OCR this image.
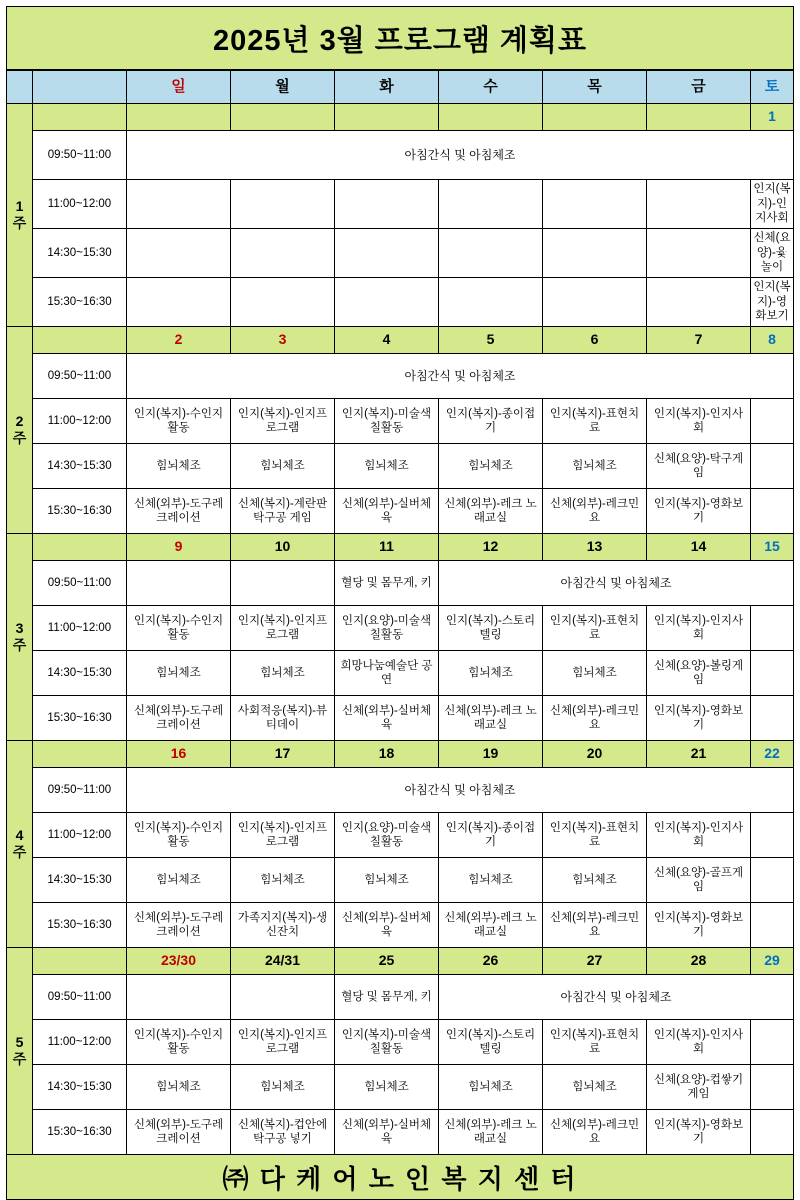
2025년 3월 프로그램 계획표
		일	월	화	수	목	금	토
1주								1
	09:50~11:00	아침간식 및 아침체조						
	11:00~12:00							인지(복지)-인지사회
	14:30~15:30							신체(요양)-윷놀이
	15:30~16:30							인지(복지)-영화보기
2주		2	3	4	5	6	7	8
	09:50~11:00	아침간식 및 아침체조						
	11:00~12:00	인지(복지)-수인지활동	인지(복지)-인지프로그램	인지(복지)-미술색칠활동	인지(복지)-종이접기	인지(복지)-표현치료	인지(복지)-인지사회	
	14:30~15:30	힘뇌체조	힘뇌체조	힘뇌체조	힘뇌체조	힘뇌체조	신체(요양)-탁구게임	
	15:30~16:30	신체(외부)-도구레크레이션	신체(복지)-계란판 탁구공 게임	신체(외부)-실버체육	신체(외부)-레크 노래교실	신체(외부)-레크민요	인지(복지)-영화보기	
3주		9	10	11	12	13	14	15
	09:50~11:00			혈당 및 몸무게, 키	아침간식 및 아침체조			
	11:00~12:00	인지(복지)-수인지활동	인지(복지)-인지프로그램	인지(요양)-미술색칠활동	인지(복지)-스토리텔링	인지(복지)-표현치료	인지(복지)-인지사회	
	14:30~15:30	힘뇌체조	힘뇌체조	희망나눔예술단 공연	힘뇌체조	힘뇌체조	신체(요양)-볼링게임	
	15:30~16:30	신체(외부)-도구레크레이션	사회적응(복지)-뷰티데이	신체(외부)-실버체육	신체(외부)-레크 노래교실	신체(외부)-레크민요	인지(복지)-영화보기	
4주		16	17	18	19	20	21	22
	09:50~11:00	아침간식 및 아침체조						
	11:00~12:00	인지(복지)-수인지활동	인지(복지)-인지프로그램	인지(요양)-미술색칠활동	인지(복지)-종이접기	인지(복지)-표현치료	인지(복지)-인지사회	
	14:30~15:30	힘뇌체조	힘뇌체조	힘뇌체조	힘뇌체조	힘뇌체조	신체(요양)-골프게임	
	15:30~16:30	신체(외부)-도구레크레이션	가족지지(복지)-생신잔치	신체(외부)-실버체육	신체(외부)-레크 노래교실	신체(외부)-레크민요	인지(복지)-영화보기	
5주		23/30	24/31	25	26	27	28	29
	09:50~11:00			혈당 및 몸무게, 키	아침간식 및 아침체조			
	11:00~12:00	인지(복지)-수인지활동	인지(복지)-인지프로그램	인지(복지)-미술색칠활동	인지(복지)-스토리텔링	인지(복지)-표현치료	인지(복지)-인지사회	
	14:30~15:30	힘뇌체조	힘뇌체조	힘뇌체조	힘뇌체조	힘뇌체조	신체(요양)-컵쌓기게임	
	15:30~16:30	신체(외부)-도구레크레이션	신체(복지)-컵안에 탁구공 넣기	신체(외부)-실버체육	신체(외부)-레크 노래교실	신체(외부)-레크민요	인지(복지)-영화보기	
㈜ 다 케 어 노 인 복 지 센 터
